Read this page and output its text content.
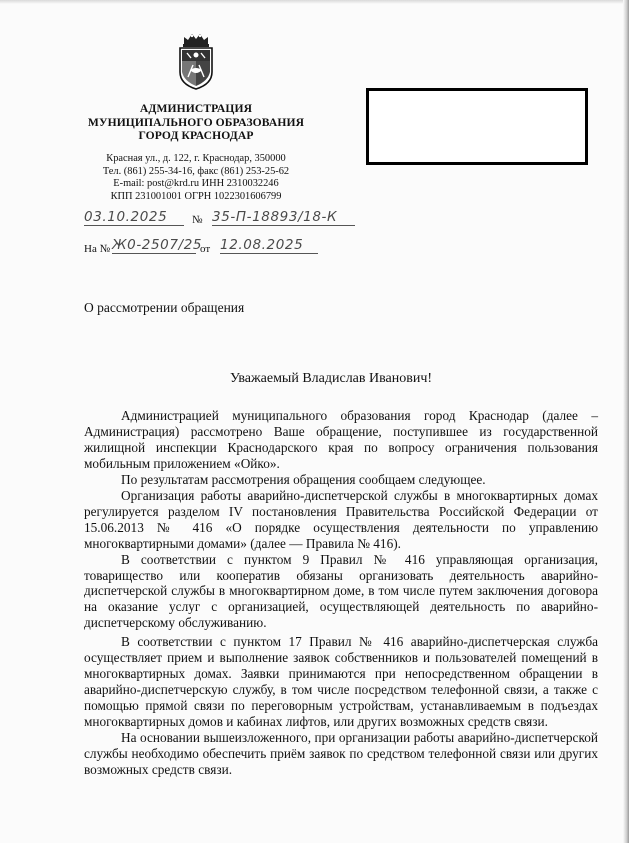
АДМИНИСТРАЦИЯ
МУНИЦИПАЛЬНОГО ОБРАЗОВАНИЯ
ГОРОД КРАСНОДАР
Красная ул., д. 122, г. Краснодар, 350000
Тел. (861) 255-34-16, факс (861) 253-25-62
E-mail: post@krd.ru ИНН 2310032246
КПП 231001001 ОГРН 1022301606799
03.10.2025	№ 35-П-18893/18-К
На № Ж0-2507/25
от 12.08.2025
О рассмотрении обращения
Уважаемый Владислав Иванович!

Администрацией муниципального образования город Краснодар (далее – Администрация) рассмотрено Ваше обращение, поступившее из государственной жилищной инспекции Краснодарского края по вопросу ограничения пользования мобильным приложением «Ойко».

По результатам рассмотрения обращения сообщаем следующее.

Организация работы аварийно-диспетчерской службы в многоквартирных домах регулируется разделом IV постановления Правительства Российской Федерации от 15.06.2013 № 416 «О порядке осуществления деятельности по управлению многоквартирными домами» (далее — Правила № 416).

В соответствии с пунктом 9 Правил № 416 управляющая организация, товарищество или кооператив обязаны организовать деятельность аварийно-диспетчерской службы в многоквартирном доме, в том числе путем заключения договора на оказание услуг с организацией, осуществляющей деятельность по аварийно-диспетчерскому обслуживанию.

В соответствии с пунктом 17 Правил № 416 аварийно-диспетчерская служба осуществляет прием и выполнение заявок собственников и пользователей помещений в многоквартирных домах. Заявки принимаются при непосредственном обращении в аварийно-диспетчерскую службу, в том числе посредством телефонной связи, а также с помощью прямой связи по переговорным устройствам, устанавливаемым в подъездах многоквартирных домов и кабинах лифтов, или других возможных средств связи.

На основании вышеизложенного, при организации работы аварийно-диспетчерской службы необходимо обеспечить приём заявок по средством телефонной связи или других возможных средств связи.
